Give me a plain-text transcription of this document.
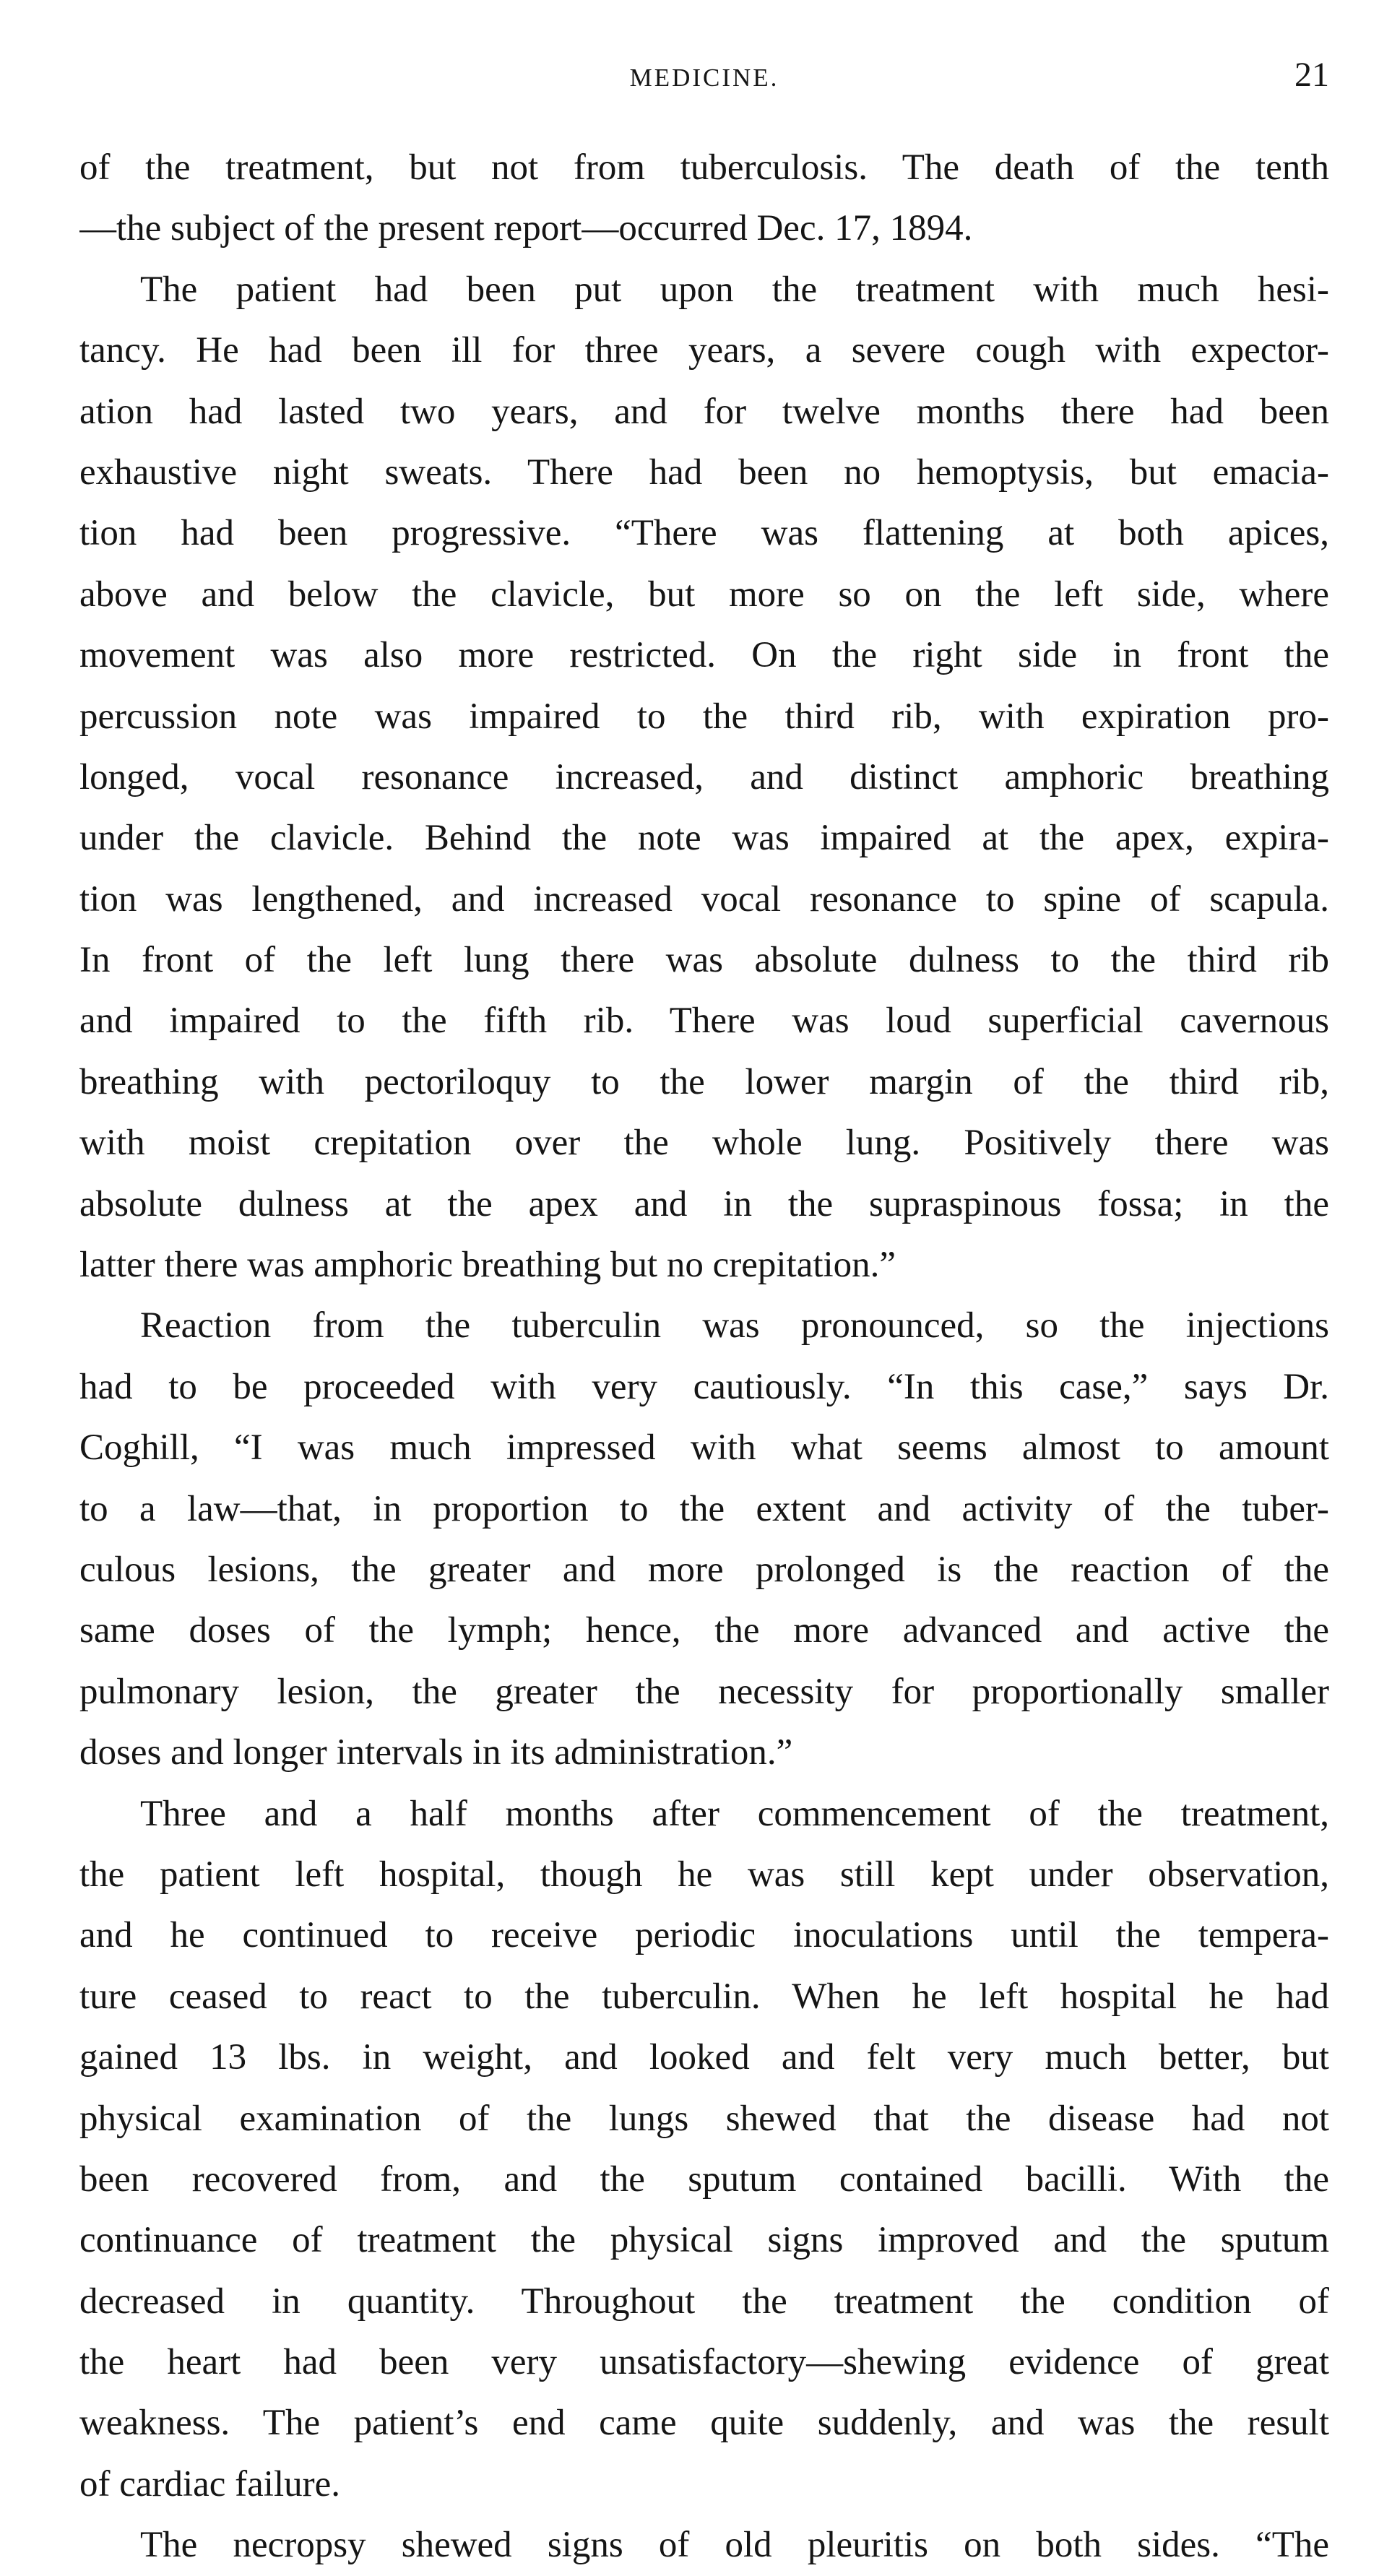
MEDICINE.	21
of the treatment, but not from tuberculosis. The death of the tenth
—the subject of the present report—occurred Dec. 17, 1894.
The patient had been put upon the treatment with much hesi-
tancy. He had been ill for three years, a severe cough with expector-
ation had lasted two years, and for twelve months there had been
exhaustive night sweats. There had been no hemoptysis, but emacia-
tion had been progressive. “There was flattening at both apices,
above and below the clavicle, but more so on the left side, where
movement was also more restricted. On the right side in front the
percussion note was impaired to the third rib, with expiration pro-
longed, vocal resonance increased, and distinct amphoric breathing
under the clavicle. Behind the note was impaired at the apex, expira-
tion was lengthened, and increased vocal resonance to spine of scapula.
In front of the left lung there was absolute dulness to the third rib
and impaired to the fifth rib. There was loud superficial cavernous
breathing with pectoriloquy to the lower margin of the third rib,
with moist crepitation over the whole lung. Positively there was
absolute dulness at the apex and in the supraspinous fossa; in the
latter there was amphoric breathing but no crepitation.”
Reaction from the tuberculin was pronounced, so the injections
had to be proceeded with very cautiously. “In this case,” says Dr.
Coghill, “I was much impressed with what seems almost to amount
to a law—that, in proportion to the extent and activity of the tuber-
culous lesions, the greater and more prolonged is the reaction of the
same doses of the lymph; hence, the more advanced and active the
pulmonary lesion, the greater the necessity for proportionally smaller
doses and longer intervals in its administration.”
Three and a half months after commencement of the treatment,
the patient left hospital, though he was still kept under observation,
and he continued to receive periodic inoculations until the tempera-
ture ceased to react to the tuberculin. When he left hospital he had
gained 13 lbs. in weight, and looked and felt very much better, but
physical examination of the lungs shewed that the disease had not
been recovered from, and the sputum contained bacilli. With the
continuance of treatment the physical signs improved and the sputum
decreased in quantity. Throughout the treatment the condition of
the heart had been very unsatisfactory—shewing evidence of great
weakness. The patient’s end came quite suddenly, and was the result
of cardiac failure.
The necropsy shewed signs of old pleuritis on both sides. “The
